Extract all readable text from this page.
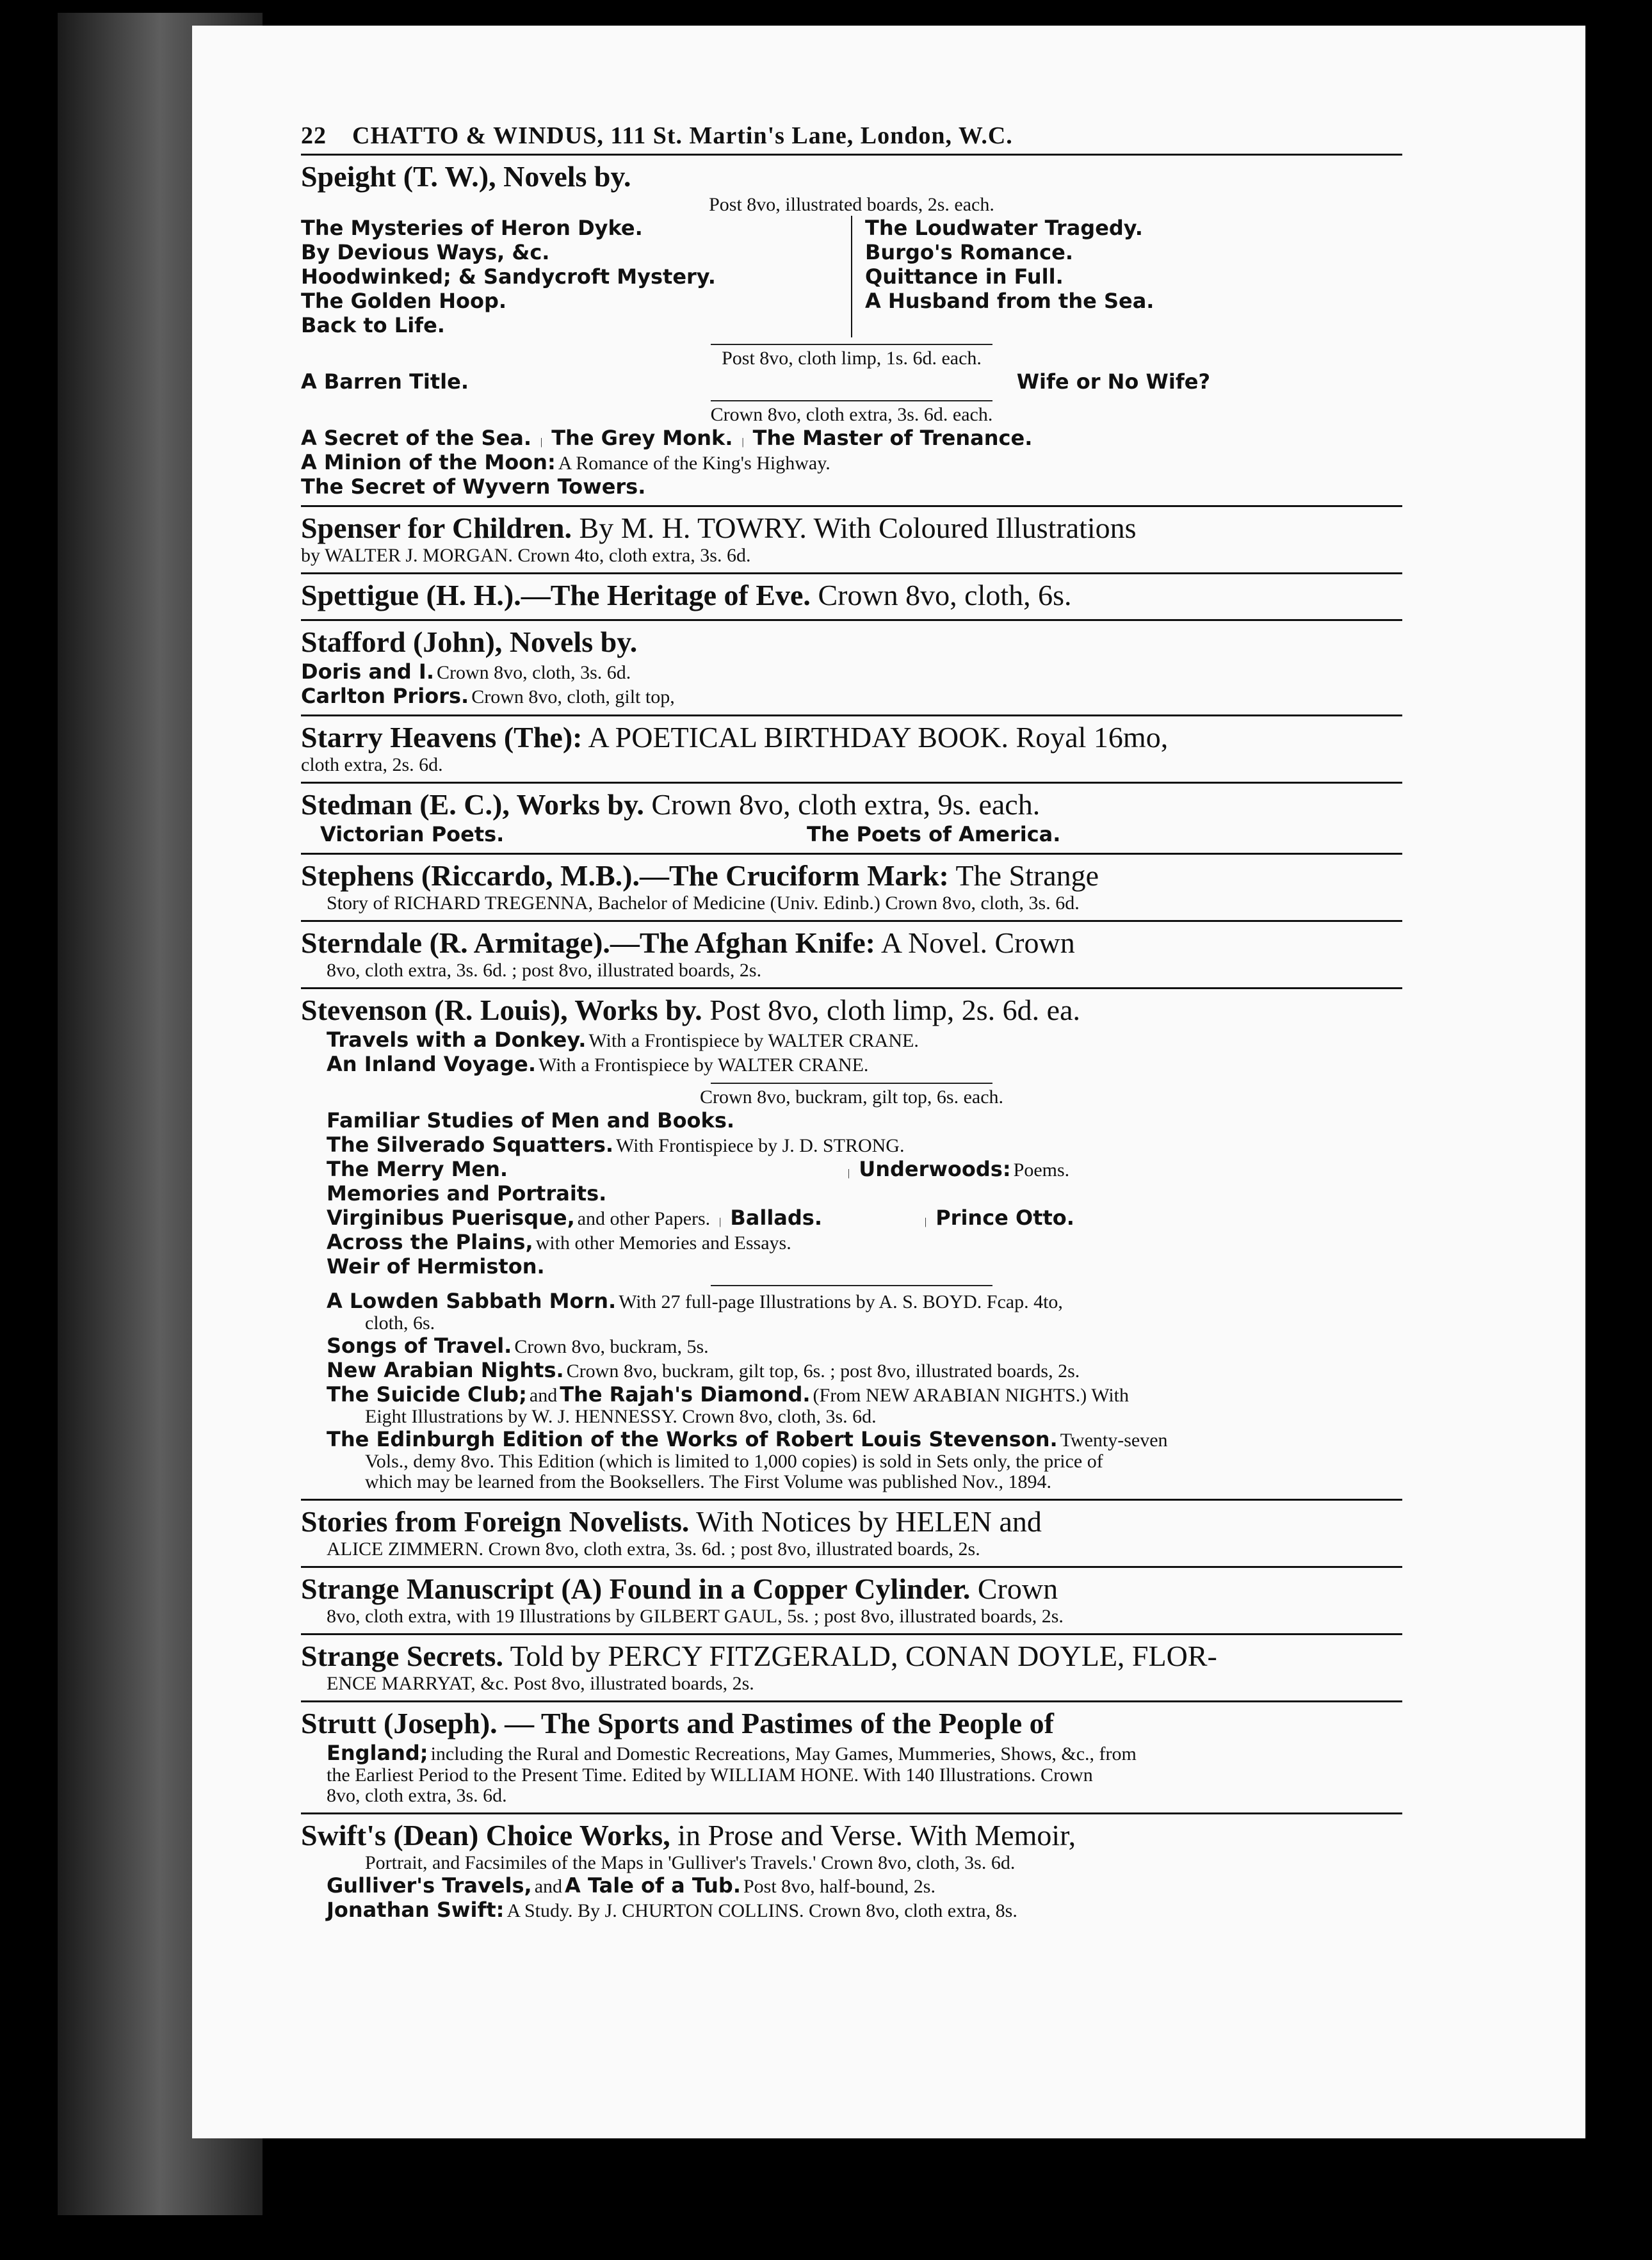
22	CHATTO & WINDUS, 111 St. Martin's Lane, London, W.C.
Speight (T. W.), Novels by.
Post 8vo, illustrated boards, 2s. each.
The Mysteries of Heron Dyke.
By Devious Ways, &c.
Hoodwinked; & Sandycroft Mystery.
The Golden Hoop.
Back to Life.
The Loudwater Tragedy.
Burgo's Romance.
Quittance in Full.
A Husband from the Sea.
Post 8vo, cloth limp, 1s. 6d. each.
A Barren Title.	Wife or No Wife?
Crown 8vo, cloth extra, 3s. 6d. each.
A Secret of the Sea. | The Grey Monk. | The Master of Trenance.
A Minion of the Moon: A Romance of the King's Highway.
The Secret of Wyvern Towers.
Spenser for Children. By M. H. TOWRY. With Coloured Illustrations
by WALTER J. MORGAN. Crown 4to, cloth extra, 3s. 6d.
Spettigue (H. H.).—The Heritage of Eve. Crown 8vo, cloth, 6s.
Stafford (John), Novels by.
Doris and I. Crown 8vo, cloth, 3s. 6d.
Carlton Priors. Crown 8vo, cloth, gilt top,
Starry Heavens (The): A POETICAL BIRTHDAY BOOK. Royal 16mo,
cloth extra, 2s. 6d.
Stedman (E. C.), Works by. Crown 8vo, cloth extra, 9s. each.
Victorian Poets.	The Poets of America.
Stephens (Riccardo, M.B.).—The Cruciform Mark: The Strange
Story of RICHARD TREGENNA, Bachelor of Medicine (Univ. Edinb.) Crown 8vo, cloth, 3s. 6d.
Sterndale (R. Armitage).—The Afghan Knife: A Novel. Crown
8vo, cloth extra, 3s. 6d. ; post 8vo, illustrated boards, 2s.
Stevenson (R. Louis), Works by. Post 8vo, cloth limp, 2s. 6d. ea.
Travels with a Donkey. With a Frontispiece by WALTER CRANE.
An Inland Voyage. With a Frontispiece by WALTER CRANE.
Crown 8vo, buckram, gilt top, 6s. each.
Familiar Studies of Men and Books.
The Silverado Squatters. With Frontispiece by J. D. STRONG.
The Merry Men.	| Underwoods: Poems.
Memories and Portraits.
Virginibus Puerisque, and other Papers. | Ballads.	| Prince Otto.
Across the Plains, with other Memories and Essays.
Weir of Hermiston.
A Lowden Sabbath Morn. With 27 full-page Illustrations by A. S. BOYD. Fcap. 4to,
cloth, 6s.
Songs of Travel. Crown 8vo, buckram, 5s.
New Arabian Nights. Crown 8vo, buckram, gilt top, 6s. ; post 8vo, illustrated boards, 2s.
The Suicide Club; and The Rajah's Diamond. (From NEW ARABIAN NIGHTS.) With
Eight Illustrations by W. J. HENNESSY. Crown 8vo, cloth, 3s. 6d.
The Edinburgh Edition of the Works of Robert Louis Stevenson. Twenty-seven
Vols., demy 8vo. This Edition (which is limited to 1,000 copies) is sold in Sets only, the price of
which may be learned from the Booksellers. The First Volume was published Nov., 1894.
Stories from Foreign Novelists. With Notices by HELEN and
ALICE ZIMMERN. Crown 8vo, cloth extra, 3s. 6d. ; post 8vo, illustrated boards, 2s.
Strange Manuscript (A) Found in a Copper Cylinder. Crown
8vo, cloth extra, with 19 Illustrations by GILBERT GAUL, 5s. ; post 8vo, illustrated boards, 2s.
Strange Secrets. Told by PERCY FITZGERALD, CONAN DOYLE, FLOR-
ENCE MARRYAT, &c. Post 8vo, illustrated boards, 2s.
Strutt (Joseph). — The Sports and Pastimes of the People of
England; including the Rural and Domestic Recreations, May Games, Mummeries, Shows, &c., from
the Earliest Period to the Present Time. Edited by WILLIAM HONE. With 140 Illustrations. Crown
8vo, cloth extra, 3s. 6d.
Swift's (Dean) Choice Works, in Prose and Verse. With Memoir,
Portrait, and Facsimiles of the Maps in 'Gulliver's Travels.' Crown 8vo, cloth, 3s. 6d.
Gulliver's Travels, and A Tale of a Tub. Post 8vo, half-bound, 2s.
Jonathan Swift: A Study. By J. CHURTON COLLINS. Crown 8vo, cloth extra, 8s.
